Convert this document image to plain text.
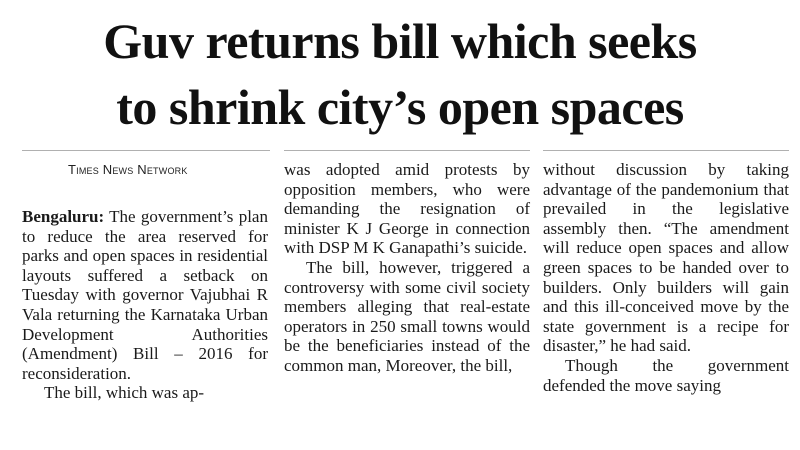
Guv returns bill which seeks
to shrink city’s open spaces
Times News Network

Bengaluru: The government’s plan to reduce the area reserved for parks and open spaces in residential layouts suffered a setback on Tuesday with governor Vajubhai R Vala returning the Karnataka Urban Development Authorities (Amendment) Bill – 2016 for reconsideration.

The bill, which was ap-

was adopted amid protests by opposition members, who were demanding the resignation of minister K J George in connection with DSP M K Ganapathi’s suicide.

The bill, however, triggered a controversy with some civil society members alleging that real-estate operators in 250 small towns would be the beneficiaries instead of the common man, Moreover, the bill,

without discussion by taking advantage of the pandemonium that prevailed in the legislative assembly then. “The amendment will reduce open spaces and allow green spaces to be handed over to builders. Only builders will gain and this ill-conceived move by the state government is a recipe for disaster,” he had said.

Though the government defended the move saying
